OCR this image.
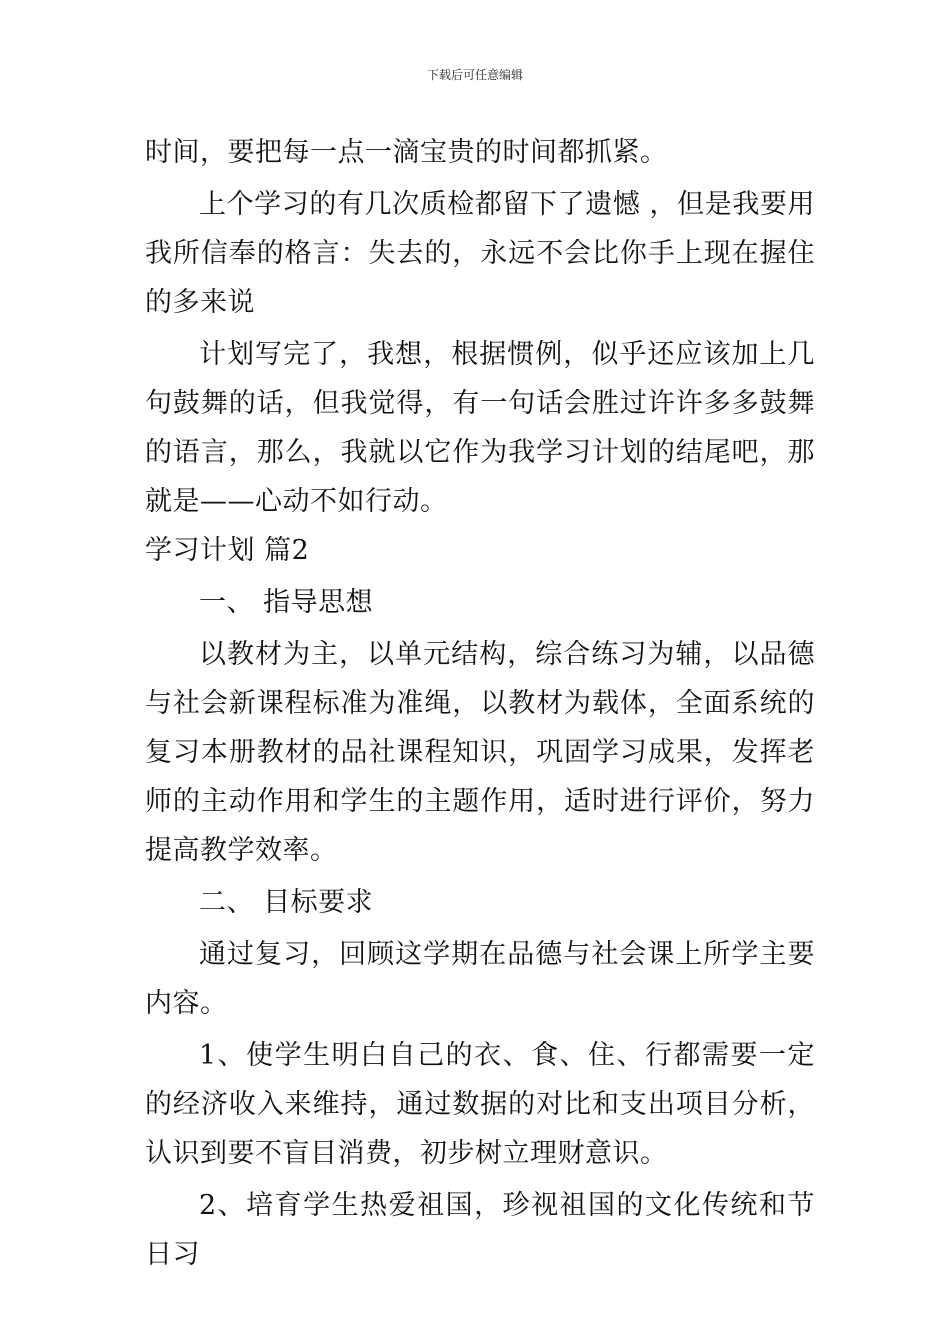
下载后可任意编辑

时间，要把每一点一滴宝贵的时间都抓紧。

上个学习的有几次质检都留下了遗憾 ，但是我要用我所信奉的格言：失去的，永远不会比你手上现在握住的多来说

计划写完了，我想，根据惯例，似乎还应该加上几句鼓舞的话，但我觉得，有一句话会胜过许许多多鼓舞的语言，那么，我就以它作为我学习计划的结尾吧，那就是——心动不如行动。

学习计划 篇2

一、 指导思想

以教材为主，以单元结构，综合练习为辅，以品德与社会新课程标准为准绳，以教材为载体，全面系统的复习本册教材的品社课程知识，巩固学习成果，发挥老师的主动作用和学生的主题作用，适时进行评价，努力提高教学效率。

二、 目标要求

通过复习，回顾这学期在品德与社会课上所学主要内容。

1、使学生明白自己的衣、食、住、行都需要一定的经济收入来维持，通过数据的对比和支出项目分析，认识到要不盲目消费，初步树立理财意识。

2、培育学生热爱祖国，珍视祖国的文化传统和节日习
